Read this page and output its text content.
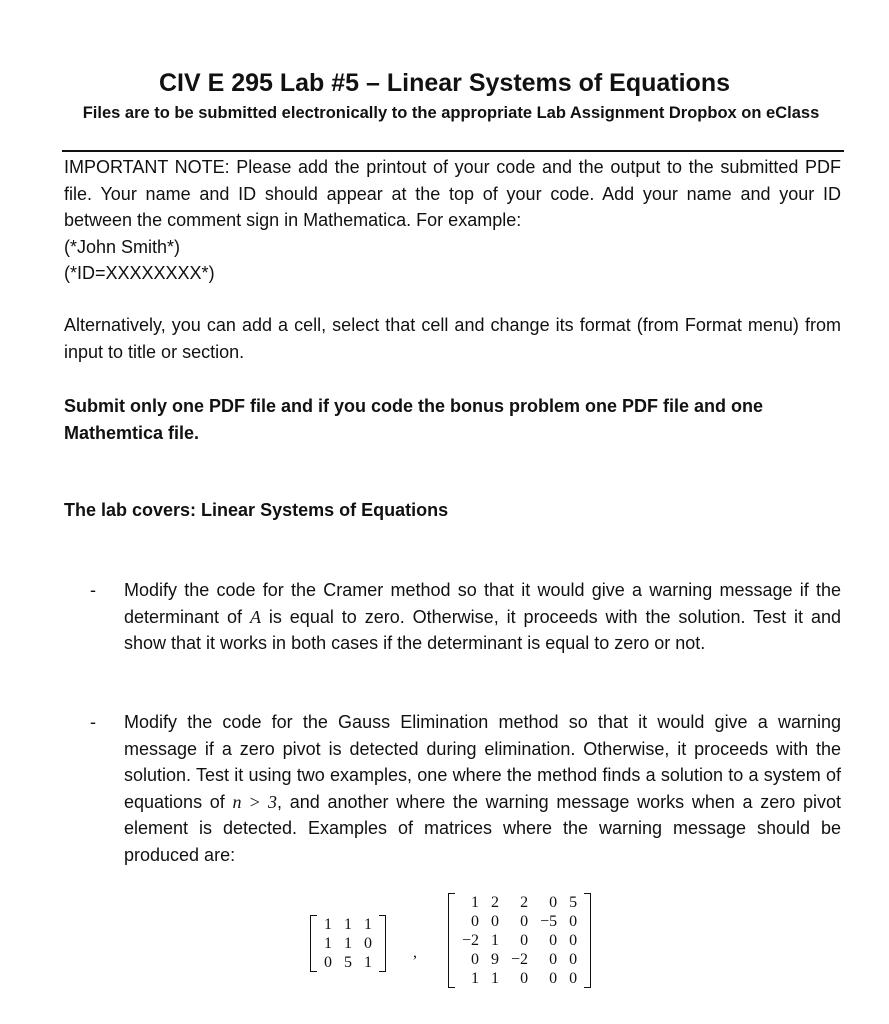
CIV E 295 Lab #5 – Linear Systems of Equations
Files are to be submitted electronically to the appropriate Lab Assignment Dropbox on eClass
IMPORTANT NOTE: Please add the printout of your code and the output to the submitted PDF file. Your name and ID should appear at the top of your code. Add your name and your ID between the comment sign in Mathematica. For example:
(*John Smith*)
(*ID=XXXXXXXX*)
Alternatively, you can add a cell, select that cell and change its format (from Format menu) from input to title or section.
Submit only one PDF file and if you code the bonus problem one PDF file and one Mathemtica file.
The lab covers: Linear Systems of Equations
- Modify the code for the Cramer method so that it would give a warning message if the determinant of A is equal to zero. Otherwise, it proceeds with the solution. Test it and show that it works in both cases if the determinant is equal to zero or not.
- Modify the code for the Gauss Elimination method so that it would give a warning message if a zero pivot is detected during elimination. Otherwise, it proceeds with the solution. Test it using two examples, one where the method finds a solution to a system of equations of n > 3, and another where the warning message works when a zero pivot element is detected. Examples of matrices where the warning message should be produced are:
1	1	1
1	1	0
0	5	1
,
1	2	2	0	5
0	0	0	−5	0
−2	1	0	0	0
0	9	−2	0	0
1	1	0	0	0
